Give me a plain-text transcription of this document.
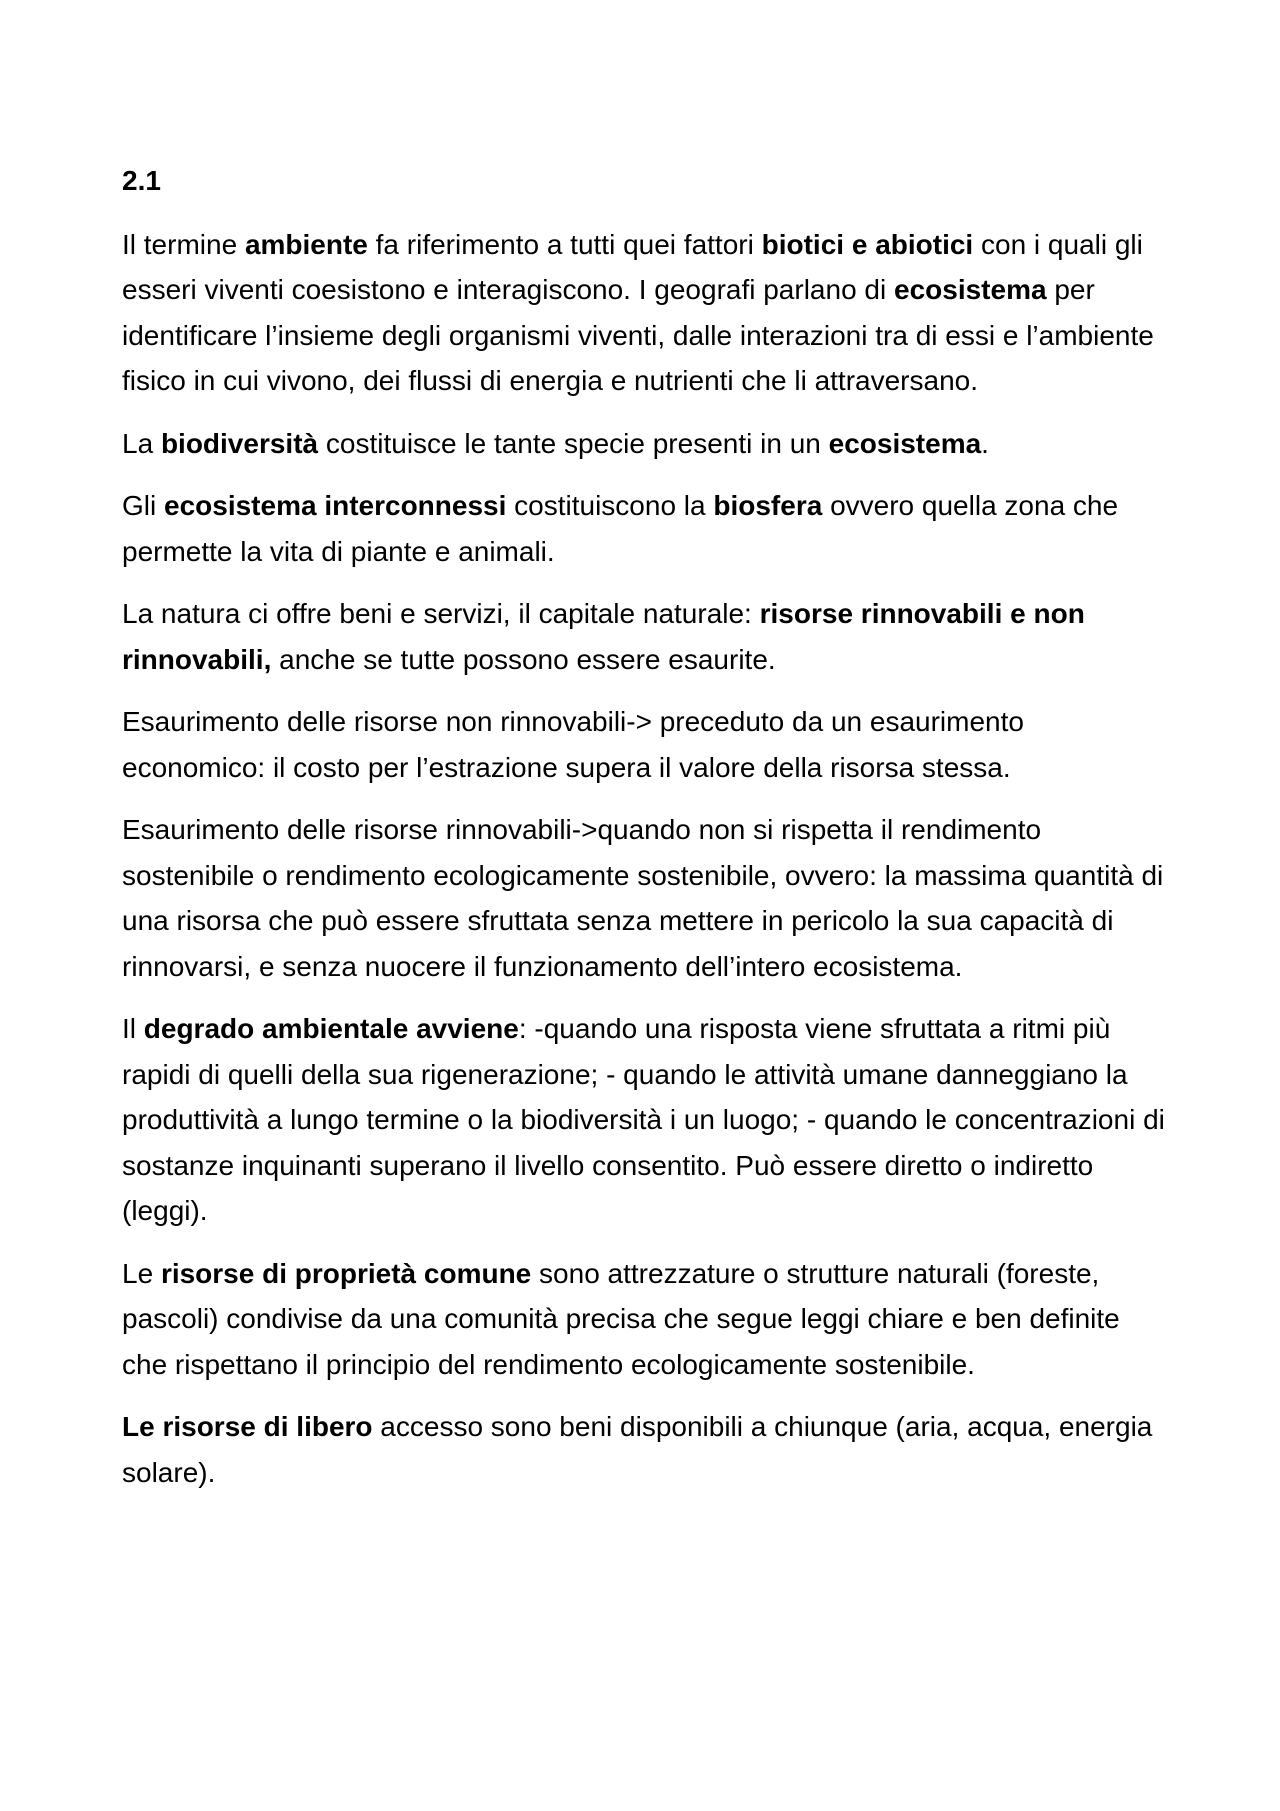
2.1

Il termine ambiente fa riferimento a tutti quei fattori biotici e abiotici con i quali gli esseri viventi coesistono e interagiscono. I geografi parlano di ecosistema per identificare l’insieme degli organismi viventi, dalle interazioni tra di essi e l’ambiente fisico in cui vivono, dei flussi di energia e nutrienti che li attraversano.

La biodiversità costituisce le tante specie presenti in un ecosistema.

Gli ecosistema interconnessi costituiscono la biosfera ovvero quella zona che permette la vita di piante e animali.

La natura ci offre beni e servizi, il capitale naturale: risorse rinnovabili e non rinnovabili, anche se tutte possono essere esaurite.

Esaurimento delle risorse non rinnovabili-> preceduto da un esaurimento economico: il costo per l’estrazione supera il valore della risorsa stessa.

Esaurimento delle risorse rinnovabili->quando non si rispetta il rendimento sostenibile o rendimento ecologicamente sostenibile, ovvero: la massima quantità di una risorsa che può essere sfruttata senza mettere in pericolo la sua capacità di rinnovarsi, e senza nuocere il funzionamento dell’intero ecosistema.

Il degrado ambientale avviene: -quando una risposta viene sfruttata a ritmi più rapidi di quelli della sua rigenerazione; - quando le attività umane danneggiano la produttività a lungo termine o la biodiversità i un luogo; - quando le concentrazioni di sostanze inquinanti superano il livello consentito. Può essere diretto o indiretto (leggi).

Le risorse di proprietà comune sono attrezzature o strutture naturali (foreste, pascoli) condivise da una comunità precisa che segue leggi chiare e ben definite che rispettano il principio del rendimento ecologicamente sostenibile.

Le risorse di libero accesso sono beni disponibili a chiunque (aria, acqua, energia solare).
